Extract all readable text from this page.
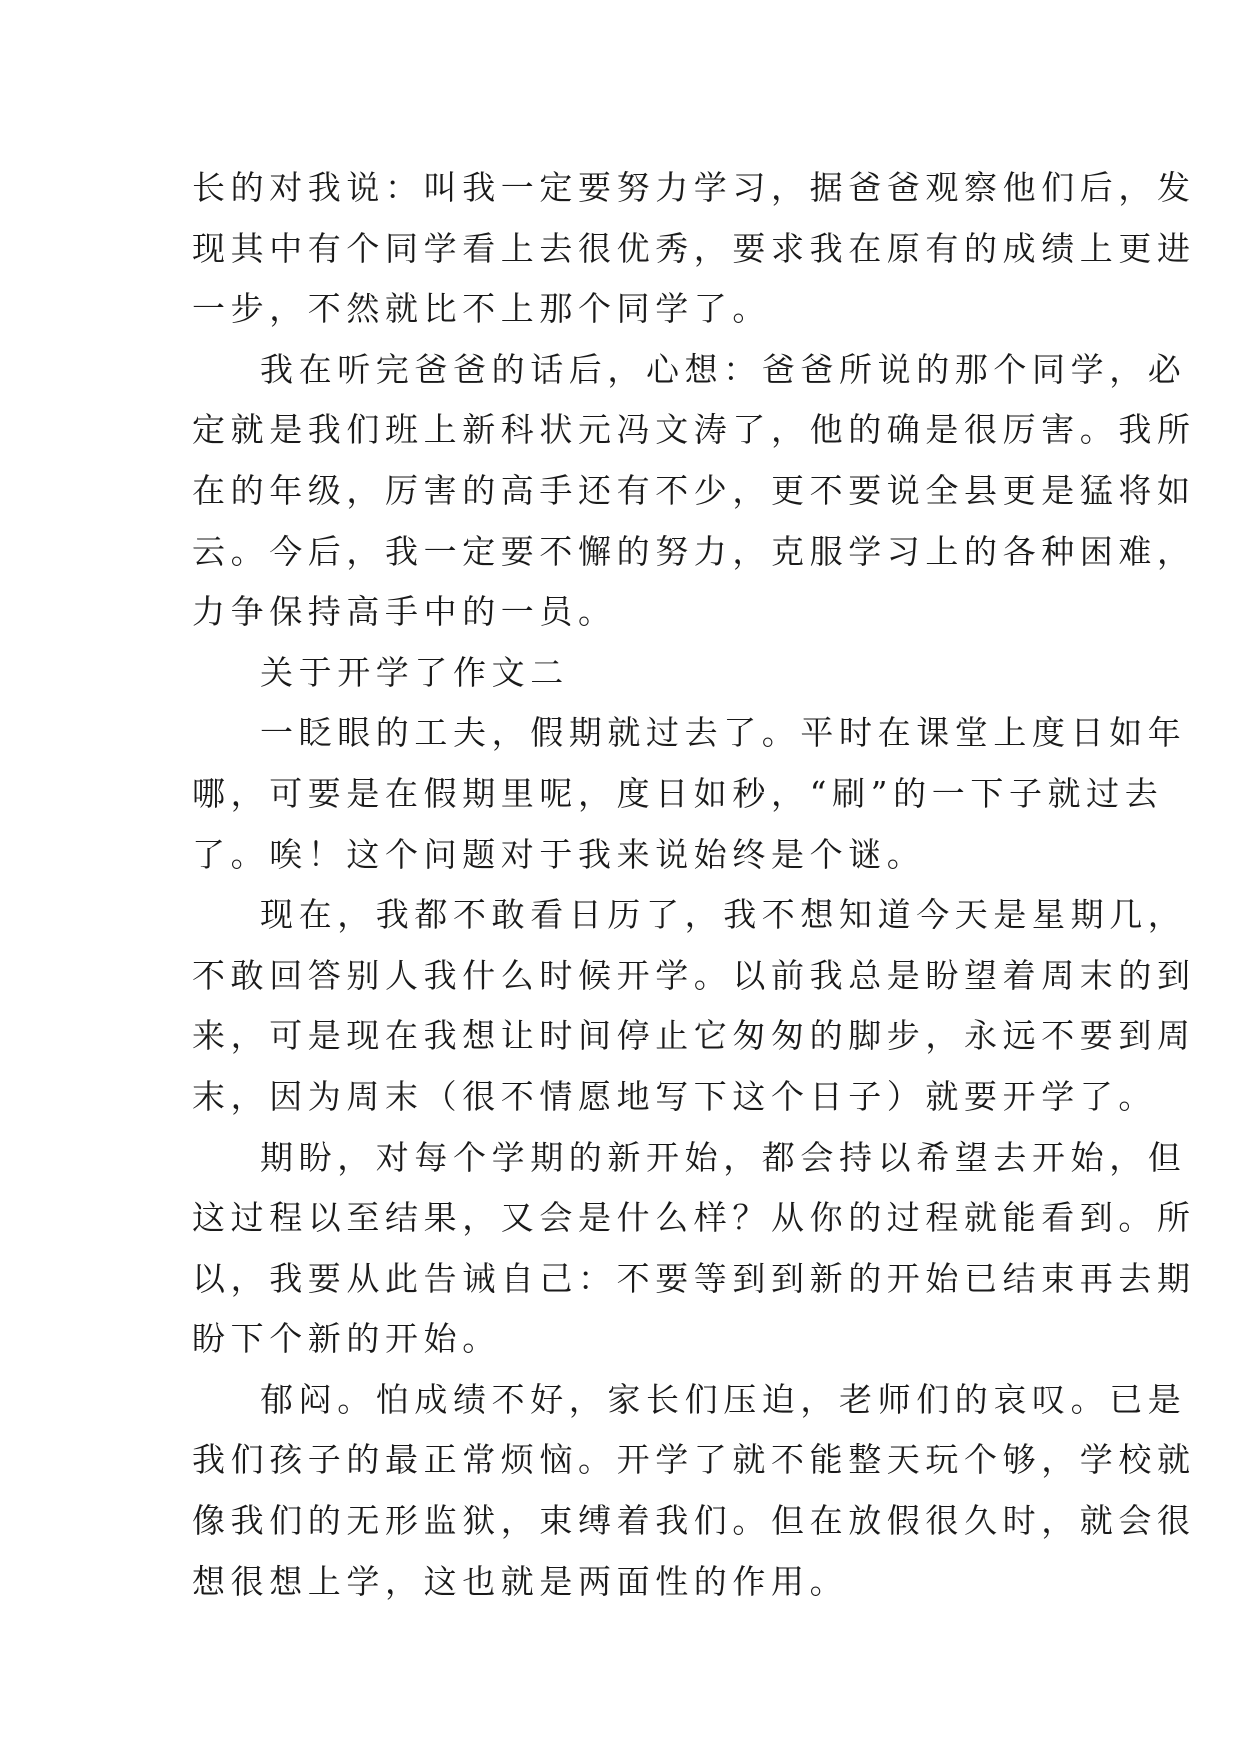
长的对我说：叫我一定要努力学习，据爸爸观察他们后，发
现其中有个同学看上去很优秀，要求我在原有的成绩上更进
一步，不然就比不上那个同学了。
我在听完爸爸的话后，心想：爸爸所说的那个同学，必
定就是我们班上新科状元冯文涛了，他的确是很厉害。我所
在的年级，厉害的高手还有不少，更不要说全县更是猛将如
云。今后，我一定要不懈的努力，克服学习上的各种困难，
力争保持高手中的一员。
关于开学了作文二
一眨眼的工夫，假期就过去了。平时在课堂上度日如年
哪，可要是在假期里呢，度日如秒，“刷”的一下子就过去
了。唉！这个问题对于我来说始终是个谜。
现在，我都不敢看日历了，我不想知道今天是星期几，
不敢回答别人我什么时候开学。以前我总是盼望着周末的到
来，可是现在我想让时间停止它匆匆的脚步，永远不要到周
末，因为周末（很不情愿地写下这个日子）就要开学了。
期盼，对每个学期的新开始，都会持以希望去开始，但
这过程以至结果，又会是什么样？从你的过程就能看到。所
以，我要从此告诫自己：不要等到到新的开始已结束再去期
盼下个新的开始。
郁闷。怕成绩不好，家长们压迫，老师们的哀叹。已是
我们孩子的最正常烦恼。开学了就不能整天玩个够，学校就
像我们的无形监狱，束缚着我们。但在放假很久时，就会很
想很想上学，这也就是两面性的作用。
